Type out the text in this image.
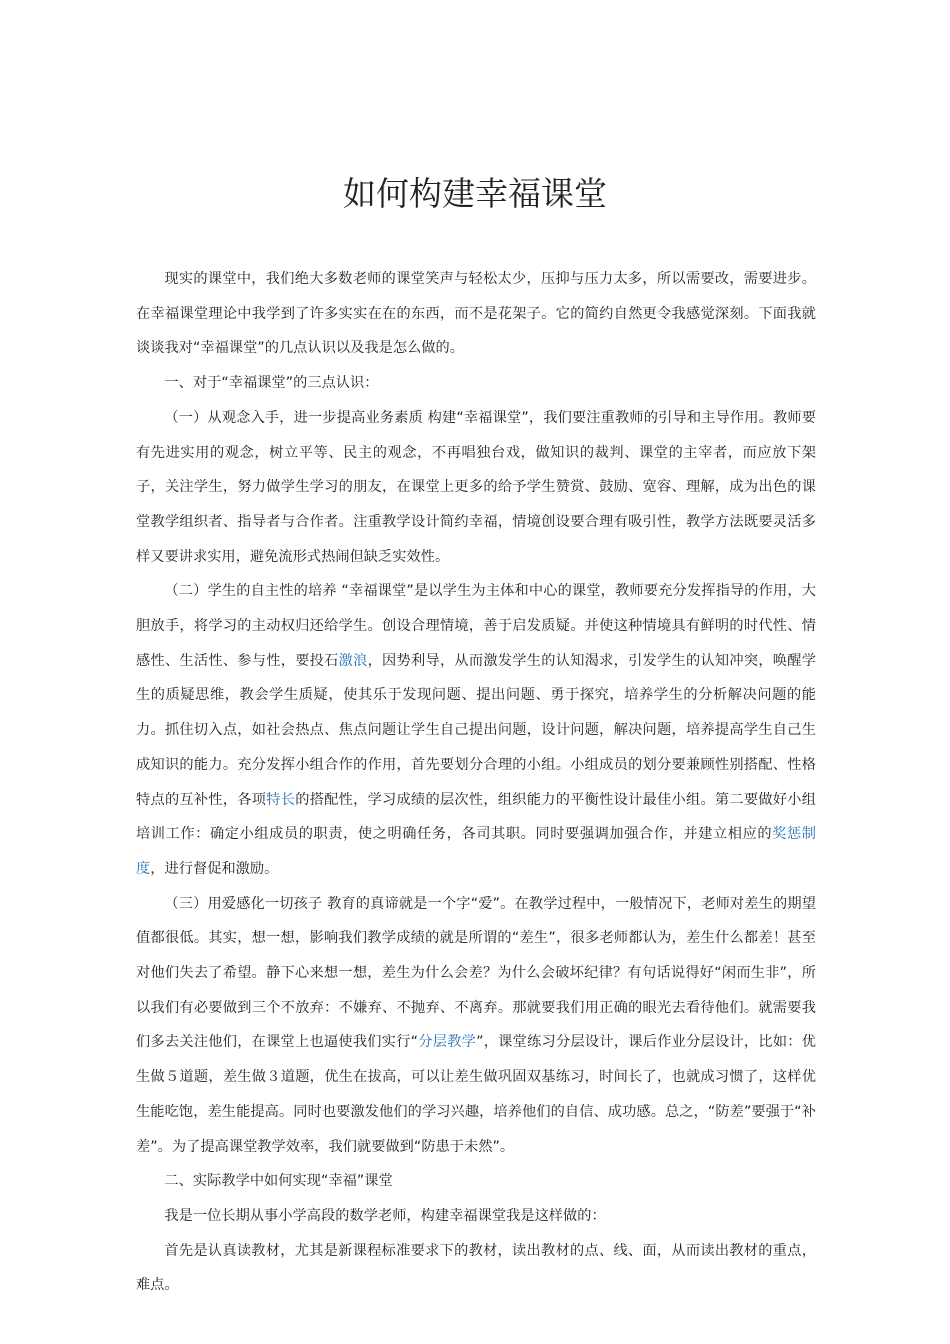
如何构建幸福课堂

现实的课堂中，我们绝大多数老师的课堂笑声与轻松太少，压抑与压力太多，所以需要改，需要进步。在幸福课堂理论中我学到了许多实实在在的东西，而不是花架子。它的简约自然更令我感觉深刻。下面我就谈谈我对“幸福课堂”的几点认识以及我是怎么做的。

一、对于“幸福课堂”的三点认识：

（一）从观念入手，进一步提高业务素质 构建“幸福课堂”，我们要注重教师的引导和主导作用。教师要有先进实用的观念，树立平等、民主的观念，不再唱独台戏，做知识的裁判、课堂的主宰者，而应放下架子，关注学生，努力做学生学习的朋友，在课堂上更多的给予学生赞赏、鼓励、宽容、理解，成为出色的课堂教学组织者、指导者与合作者。注重教学设计简约幸福，情境创设要合理有吸引性，教学方法既要灵活多样又要讲求实用，避免流形式热闹但缺乏实效性。

（二）学生的自主性的培养 “幸福课堂”是以学生为主体和中心的课堂，教师要充分发挥指导的作用，大胆放手，将学习的主动权归还给学生。创设合理情境，善于启发质疑。并使这种情境具有鲜明的时代性、情感性、生活性、参与性，要投石激浪，因势利导，从而激发学生的认知渴求，引发学生的认知冲突，唤醒学生的质疑思维，教会学生质疑，使其乐于发现问题、提出问题、勇于探究，培养学生的分析解决问题的能力。抓住切入点，如社会热点、焦点问题让学生自己提出问题，设计问题，解决问题，培养提高学生自己生成知识的能力。充分发挥小组合作的作用，首先要划分合理的小组。小组成员的划分要兼顾性别搭配、性格特点的互补性，各项特长的搭配性，学习成绩的层次性，组织能力的平衡性设计最佳小组。第二要做好小组培训工作：确定小组成员的职责，使之明确任务，各司其职。同时要强调加强合作，并建立相应的奖惩制度，进行督促和激励。

（三）用爱感化一切孩子 教育的真谛就是一个字“爱”。在教学过程中，一般情况下，老师对差生的期望值都很低。其实，想一想，影响我们教学成绩的就是所谓的“差生”，很多老师都认为，差生什么都差！甚至对他们失去了希望。静下心来想一想，差生为什么会差？为什么会破坏纪律？有句话说得好“闲而生非”，所以我们有必要做到三个不放弃：不嫌弃、不抛弃、不离弃。那就要我们用正确的眼光去看待他们。就需要我们多去关注他们，在课堂上也逼使我们实行“分层教学”，课堂练习分层设计，课后作业分层设计，比如：优生做５道题，差生做３道题，优生在拔高，可以让差生做巩固双基练习，时间长了，也就成习惯了，这样优生能吃饱，差生能提高。同时也要激发他们的学习兴趣，培养他们的自信、成功感。总之，“防差”要强于“补差”。为了提高课堂教学效率，我们就要做到“防患于未然”。

二、实际教学中如何实现“幸福”课堂

我是一位长期从事小学高段的数学老师，构建幸福课堂我是这样做的：

首先是认真读教材，尤其是新课程标准要求下的教材，读出教材的点、线、面，从而读出教材的重点，难点。
